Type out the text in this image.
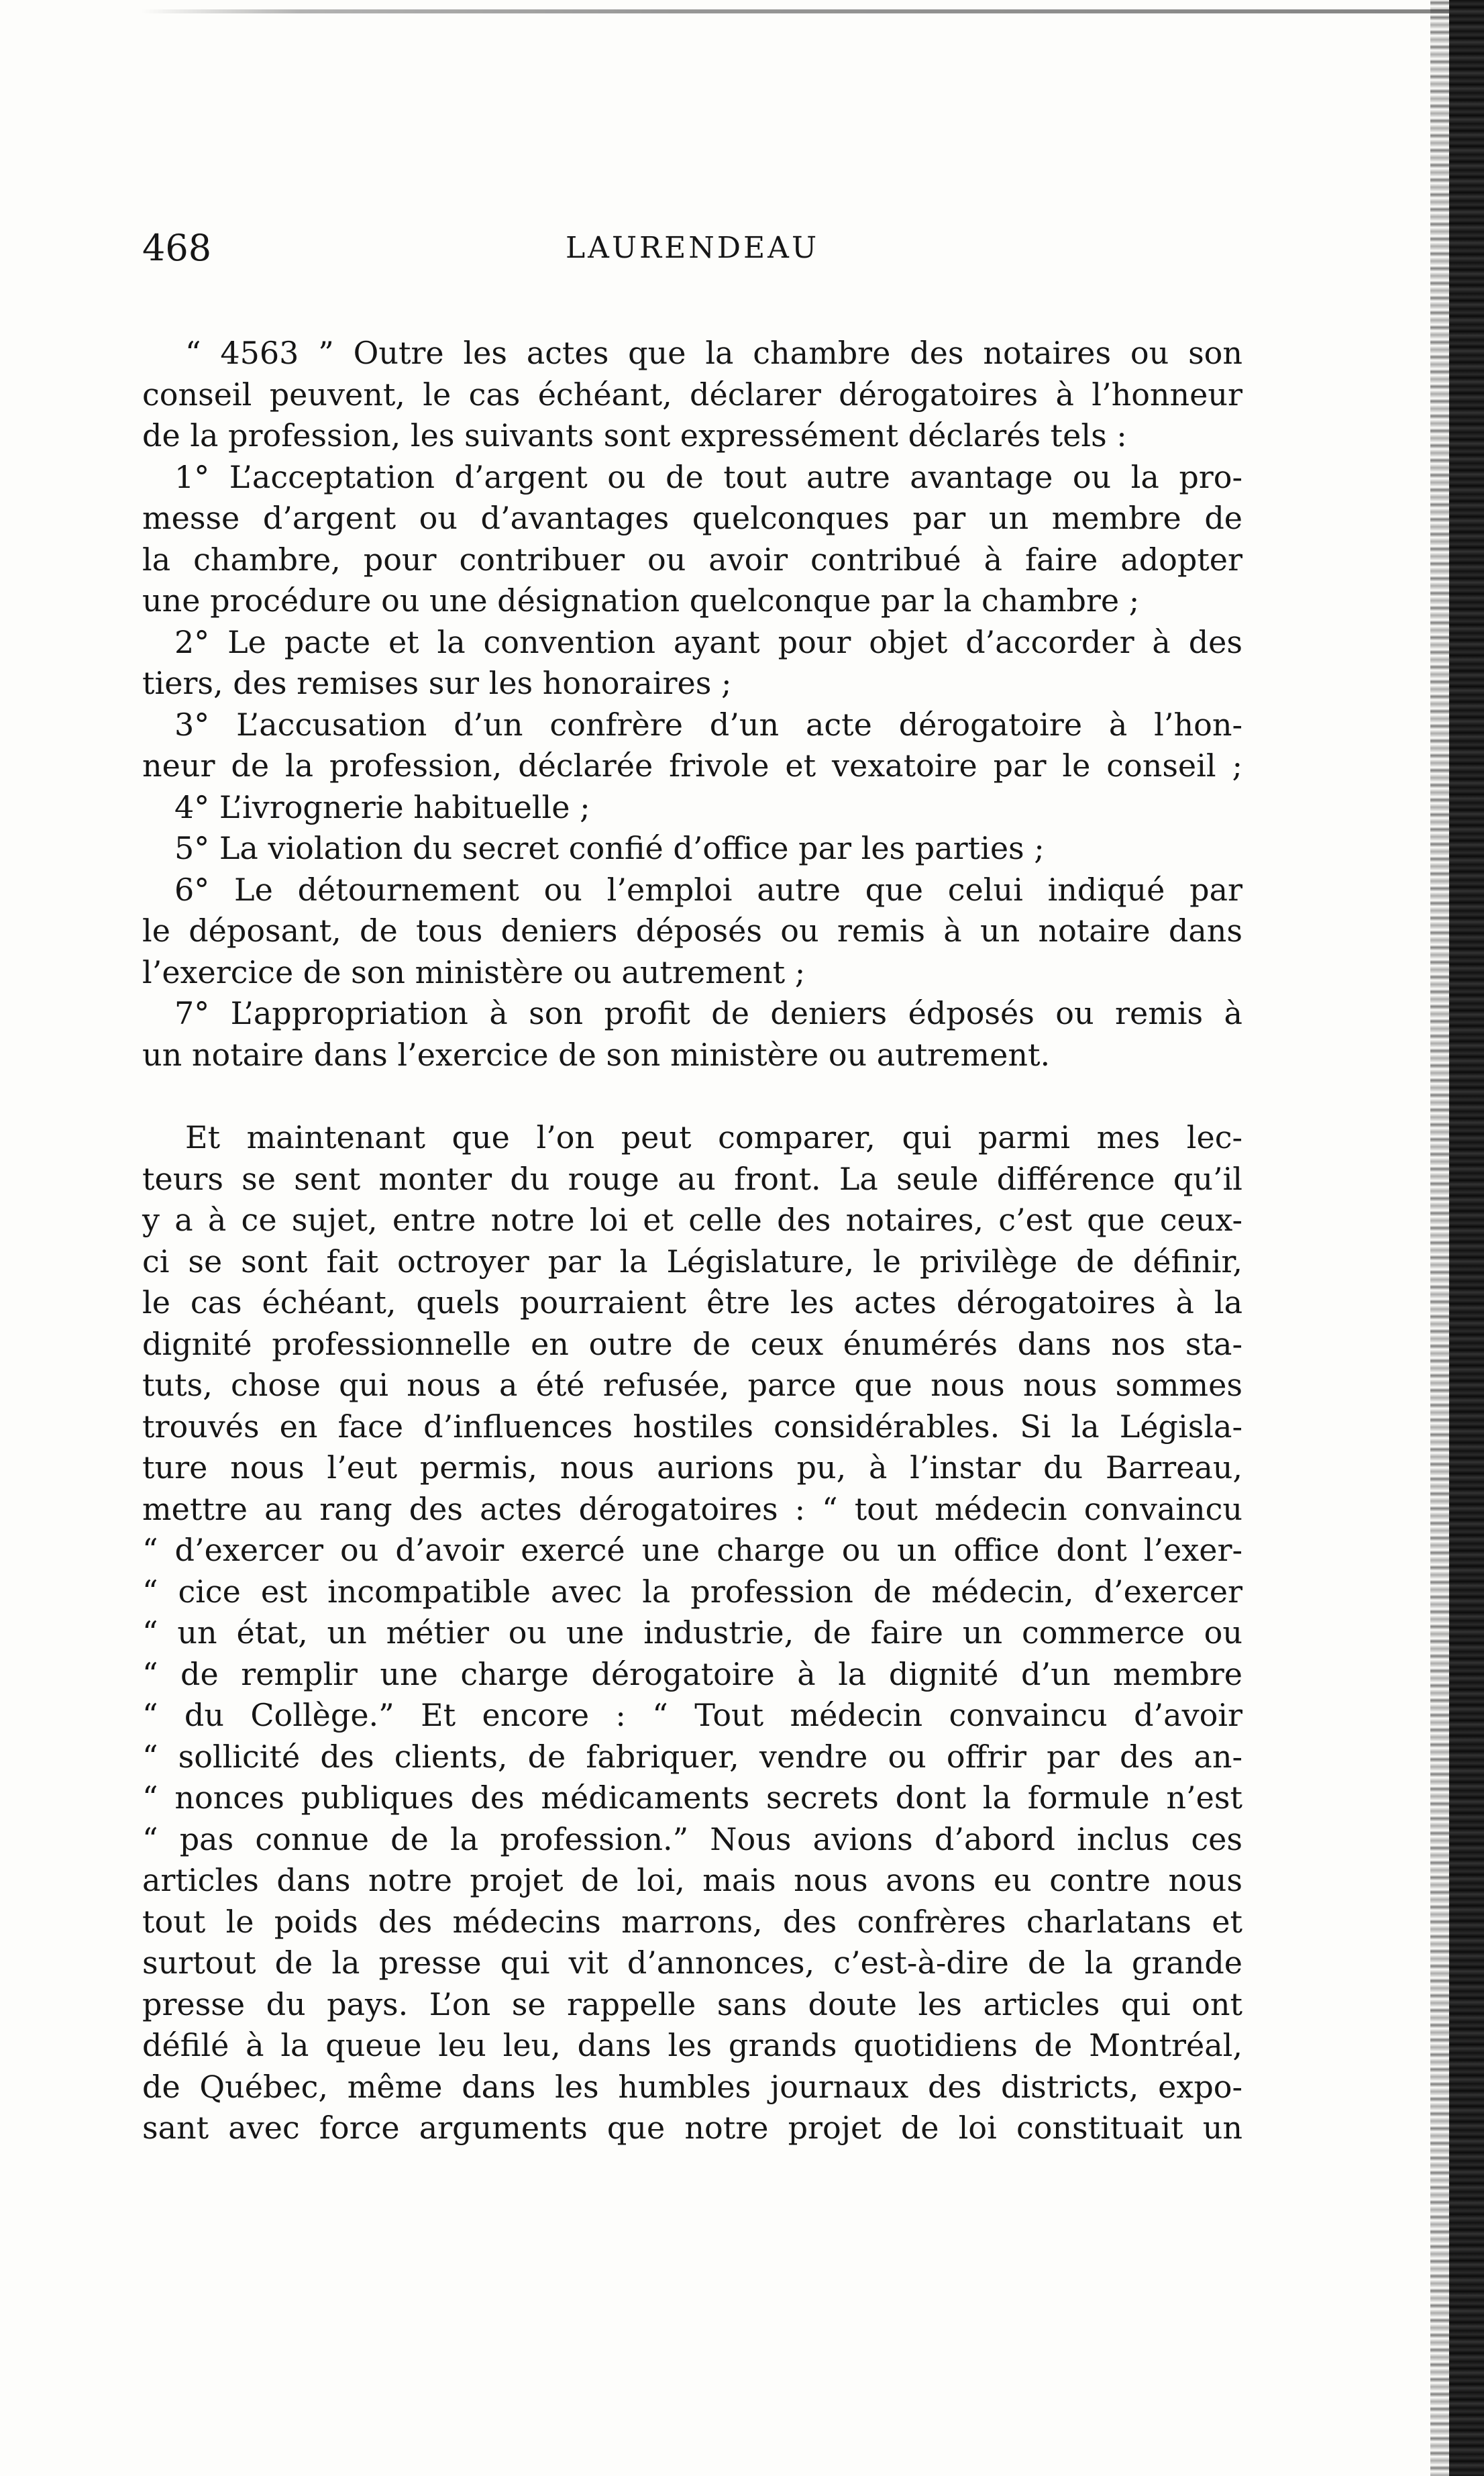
468	LAURENDEAU
“ 4563 ” Outre les actes que la chambre des notaires ou son
conseil peuvent, le cas échéant, déclarer dérogatoires à l’honneur
de la profession, les suivants sont expressément déclarés tels :
1° L’acceptation d’argent ou de tout autre avantage ou la pro-
messe d’argent ou d’avantages quelconques par un membre de
la chambre, pour contribuer ou avoir contribué à faire adopter
une procédure ou une désignation quelconque par la chambre ;
2° Le pacte et la convention ayant pour objet d’accorder à des
tiers, des remises sur les honoraires ;
3° L’accusation d’un confrère d’un acte dérogatoire à l’hon-
neur de la profession, déclarée frivole et vexatoire par le conseil ;
4° L’ivrognerie habituelle ;
5° La violation du secret confié d’office par les parties ;
6° Le détournement ou l’emploi autre que celui indiqué par
le déposant, de tous deniers déposés ou remis à un notaire dans
l’exercice de son ministère ou autrement ;
7° L’appropriation à son profit de deniers édposés ou remis à
un notaire dans l’exercice de son ministère ou autrement.
Et maintenant que l’on peut comparer, qui parmi mes lec-
teurs se sent monter du rouge au front. La seule différence qu’il
y a à ce sujet, entre notre loi et celle des notaires, c’est que ceux-
ci se sont fait octroyer par la Législature, le privilège de définir,
le cas échéant, quels pourraient être les actes dérogatoires à la
dignité professionnelle en outre de ceux énumérés dans nos sta-
tuts, chose qui nous a été refusée, parce que nous nous sommes
trouvés en face d’influences hostiles considérables. Si la Législa-
ture nous l’eut permis, nous aurions pu, à l’instar du Barreau,
mettre au rang des actes dérogatoires : “ tout médecin convaincu
“ d’exercer ou d’avoir exercé une charge ou un office dont l’exer-
“ cice est incompatible avec la profession de médecin, d’exercer
“ un état, un métier ou une industrie, de faire un commerce ou
“ de remplir une charge dérogatoire à la dignité d’un membre
“ du Collège.” Et encore : “ Tout médecin convaincu d’avoir
“ sollicité des clients, de fabriquer, vendre ou offrir par des an-
“ nonces publiques des médicaments secrets dont la formule n’est
“ pas connue de la profession.” Nous avions d’abord inclus ces
articles dans notre projet de loi, mais nous avons eu contre nous
tout le poids des médecins marrons, des confrères charlatans et
surtout de la presse qui vit d’annonces, c’est-à-dire de la grande
presse du pays. L’on se rappelle sans doute les articles qui ont
défilé à la queue leu leu, dans les grands quotidiens de Montréal,
de Québec, même dans les humbles journaux des districts, expo-
sant avec force arguments que notre projet de loi constituait un
